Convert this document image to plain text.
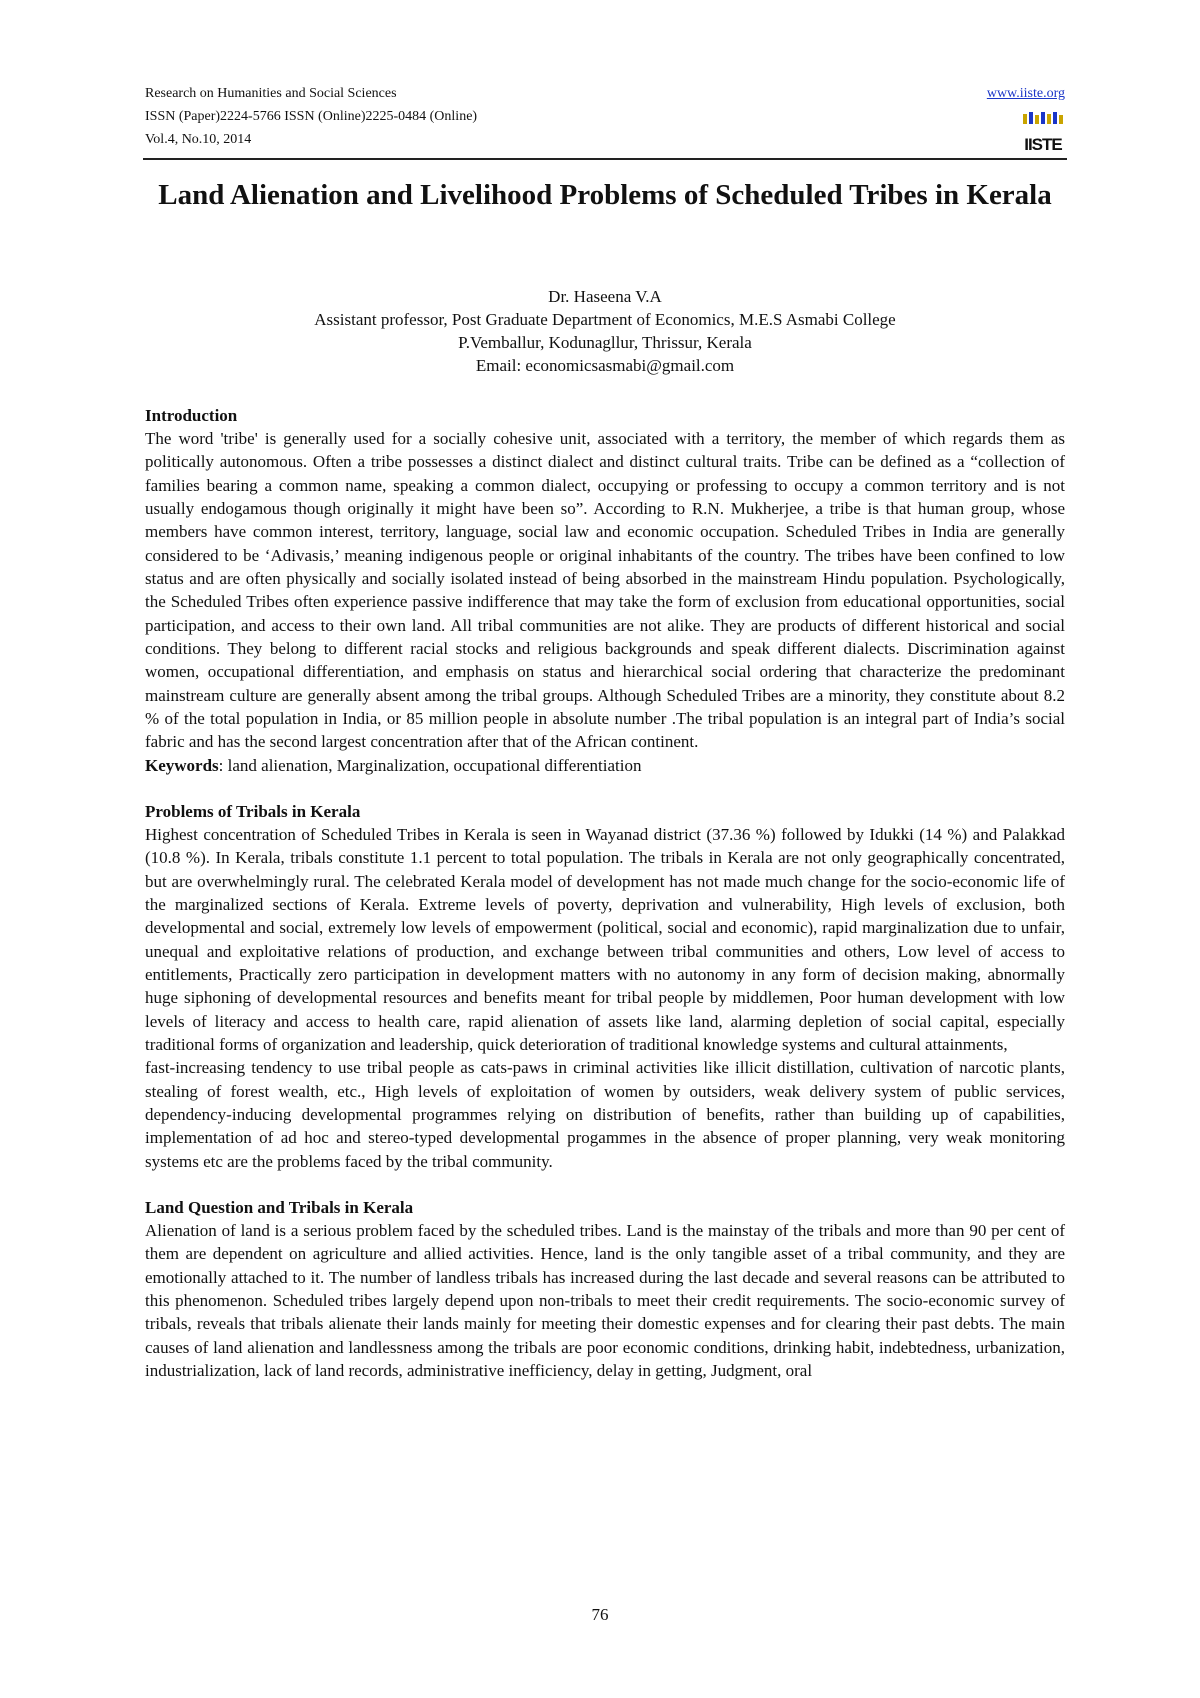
Research on Humanities and Social Sciences
ISSN (Paper)2224-5766 ISSN (Online)2225-0484 (Online)
Vol.4, No.10, 2014
www.iiste.org
IISTE
Land Alienation and Livelihood Problems of Scheduled Tribes in Kerala
Dr. Haseena V.A
Assistant professor, Post Graduate Department of Economics, M.E.S Asmabi College
P.Vemballur, Kodunagllur, Thrissur, Kerala
Email: economicsasmabi@gmail.com
Introduction

The word 'tribe' is generally used for a socially cohesive unit, associated with a territory, the member of which regards them as politically autonomous. Often a tribe possesses a distinct dialect and distinct cultural traits. Tribe can be defined as a “collection of families bearing a common name, speaking a common dialect, occupying or professing to occupy a common territory and is not usually endogamous though originally it might have been so”. According to R.N. Mukherjee, a tribe is that human group, whose members have common interest, territory, language, social law and economic occupation. Scheduled Tribes in India are generally considered to be ‘Adivasis,’ meaning indigenous people or original inhabitants of the country. The tribes have been confined to low status and are often physically and socially isolated instead of being absorbed in the mainstream Hindu population. Psychologically, the Scheduled Tribes often experience passive indifference that may take the form of exclusion from educational opportunities, social participation, and access to their own land. All tribal communities are not alike. They are products of different historical and social conditions. They belong to different racial stocks and religious backgrounds and speak different dialects. Discrimination against women, occupational differentiation, and emphasis on status and hierarchical social ordering that characterize the predominant mainstream culture are generally absent among the tribal groups. Although Scheduled Tribes are a minority, they constitute about 8.2 % of the total population in India, or 85 million people in absolute number .The tribal population is an integral part of India’s social fabric and has the second largest concentration after that of the African continent.

Keywords: land alienation, Marginalization, occupational differentiation
Problems of Tribals in Kerala

Highest concentration of Scheduled Tribes in Kerala is seen in Wayanad district (37.36 %) followed by Idukki (14 %) and Palakkad (10.8 %). In Kerala, tribals constitute 1.1 percent to total population. The tribals in Kerala are not only geographically concentrated, but are overwhelmingly rural. The celebrated Kerala model of development has not made much change for the socio-economic life of the marginalized sections of Kerala. Extreme levels of poverty, deprivation and vulnerability, High levels of exclusion, both developmental and social, extremely low levels of empowerment (political, social and economic), rapid marginalization due to unfair, unequal and exploitative relations of production, and exchange between tribal communities and others, Low level of access to entitlements, Practically zero participation in development matters with no autonomy in any form of decision making, abnormally huge siphoning of developmental resources and benefits meant for tribal people by middlemen, Poor human development with low levels of literacy and access to health care, rapid alienation of assets like land, alarming depletion of social capital, especially traditional forms of organization and leadership, quick deterioration of traditional knowledge systems and cultural attainments,

fast-increasing tendency to use tribal people as cats-paws in criminal activities like illicit distillation, cultivation of narcotic plants, stealing of forest wealth, etc., High levels of exploitation of women by outsiders, weak delivery system of public services, dependency-inducing developmental programmes relying on distribution of benefits, rather than building up of capabilities, implementation of ad hoc and stereo-typed developmental progammes in the absence of proper planning, very weak monitoring systems etc are the problems faced by the tribal community.

Land Question and Tribals in Kerala

Alienation of land is a serious problem faced by the scheduled tribes. Land is the mainstay of the tribals and more than 90 per cent of them are dependent on agriculture and allied activities. Hence, land is the only tangible asset of a tribal community, and they are emotionally attached to it. The number of landless tribals has increased during the last decade and several reasons can be attributed to this phenomenon. Scheduled tribes largely depend upon non-tribals to meet their credit requirements. The socio-economic survey of tribals, reveals that tribals alienate their lands mainly for meeting their domestic expenses and for clearing their past debts. The main causes of land alienation and landlessness among the tribals are poor economic conditions, drinking habit, indebtedness, urbanization, industrialization, lack of land records, administrative inefficiency, delay in getting, Judgment, oral

76
